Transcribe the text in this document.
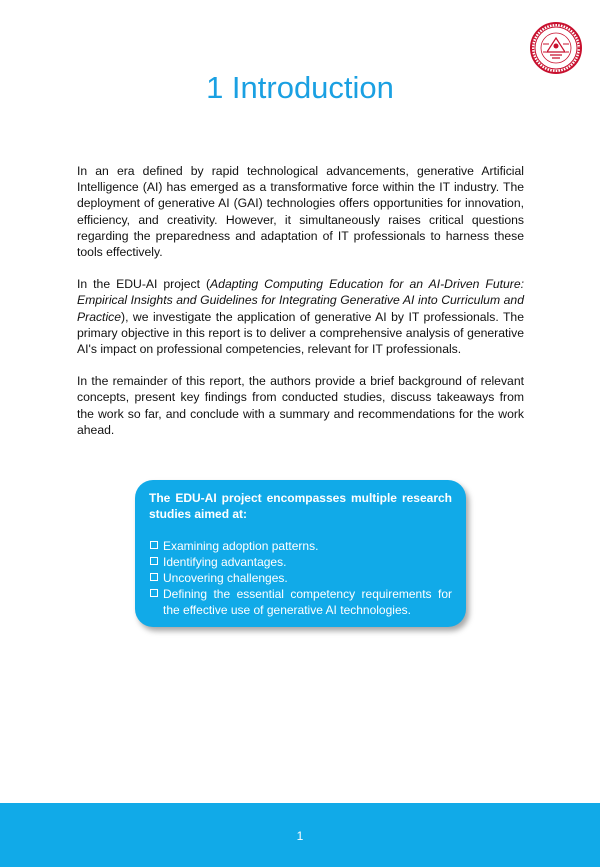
1 Introduction

In an era defined by rapid technological advancements, generative Artificial Intelligence (AI) has emerged as a transformative force within the IT industry. The deployment of generative AI (GAI) technologies offers opportunities for innovation, efficiency, and creativity. However, it simultaneously raises critical questions regarding the preparedness and adaptation of IT professionals to harness these tools effectively.

In the EDU-AI project (Adapting Computing Education for an AI-Driven Future: Empirical Insights and Guidelines for Integrating Generative AI into Curriculum and Practice), we investigate the application of generative AI by IT professionals. The primary objective in this report is to deliver a comprehensive analysis of generative AI's impact on professional competencies, relevant for IT professionals.

In the remainder of this report, the authors provide a brief background of relevant concepts, present key findings from conducted studies, discuss takeaways from the work so far, and conclude with a summary and recommendations for the work ahead.

The EDU-AI project encompasses multiple research studies aimed at:
Examining adoption patterns.
Identifying advantages.
Uncovering challenges.
Defining the essential competency requirements for the effective use of generative AI technologies.
1
